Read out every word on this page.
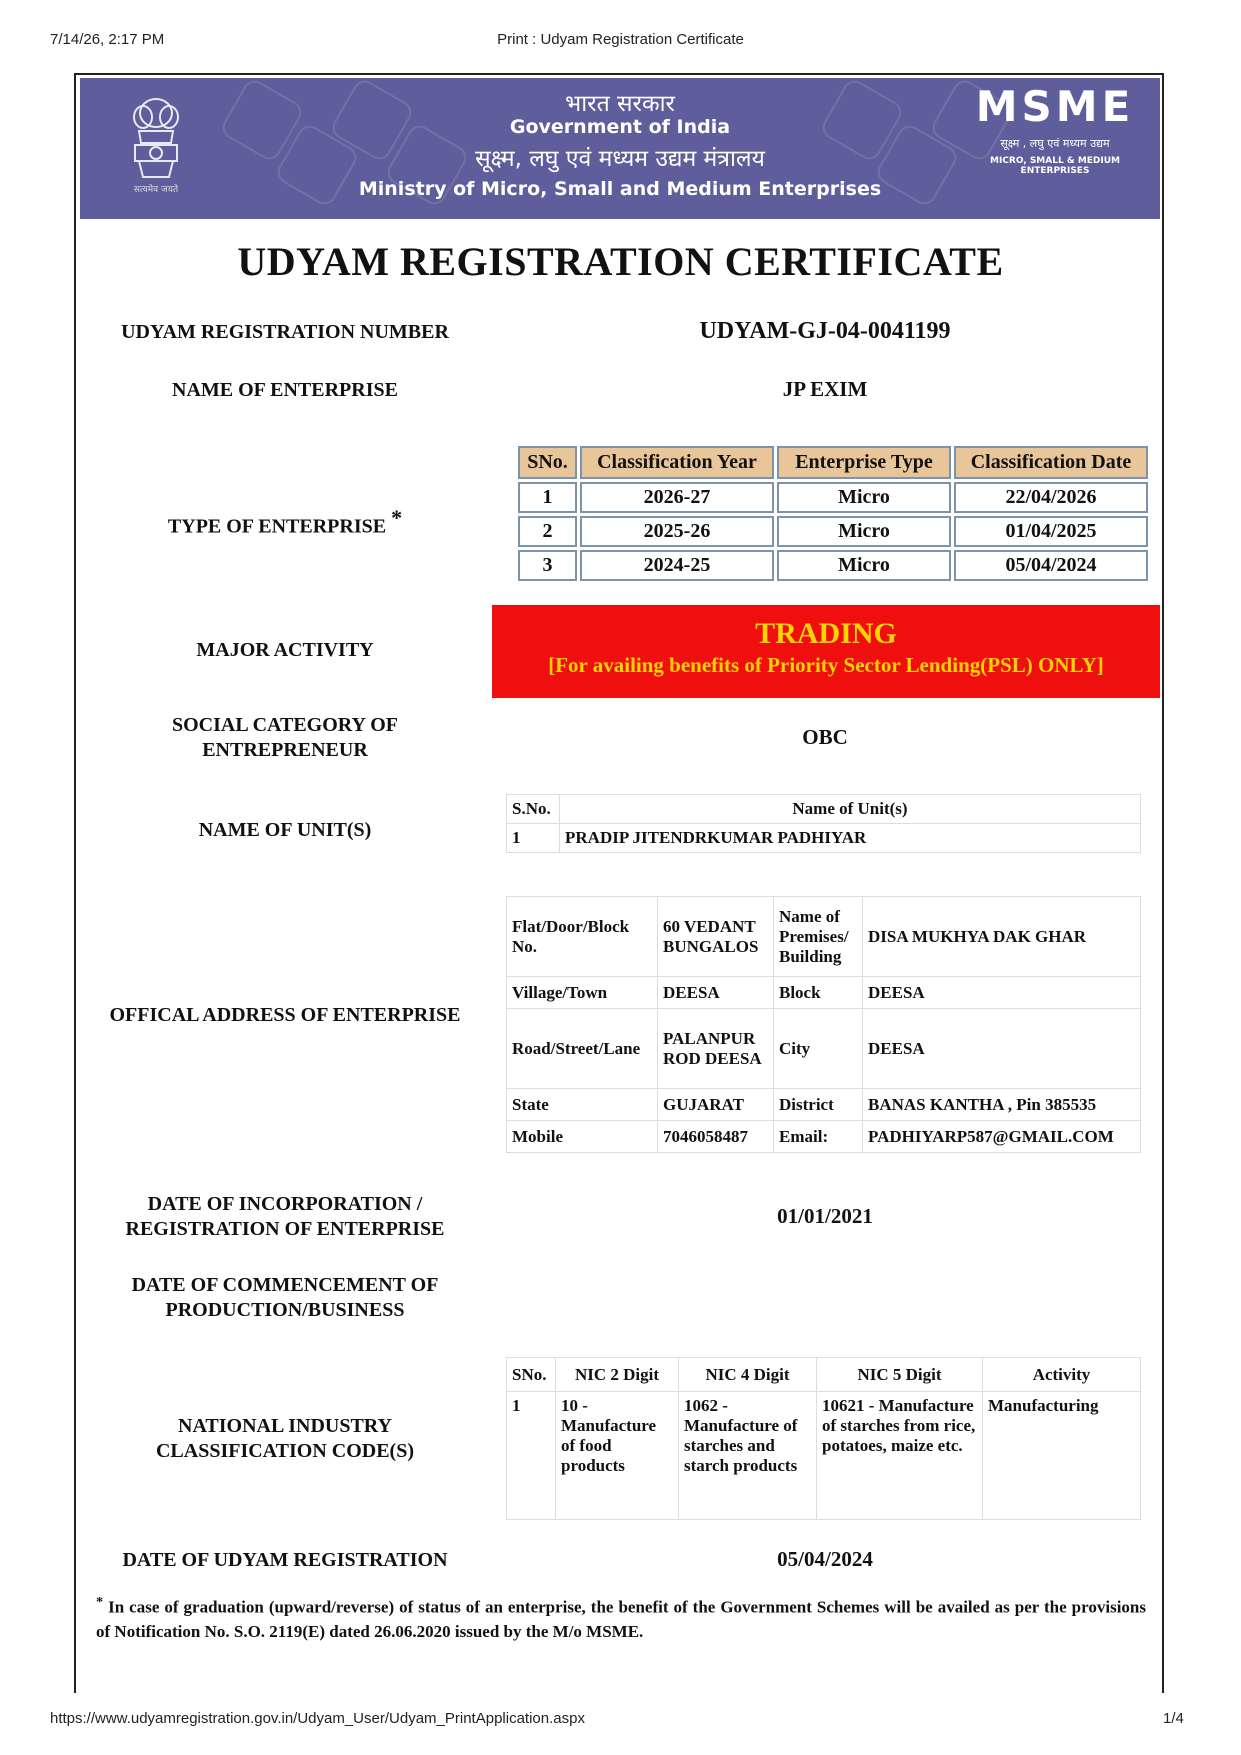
7/14/26, 2:17 PM	Print : Udyam Registration Certificate
सत्यमेव जयते
भारत सरकार
Government of India
सूक्ष्म, लघु एवं मध्यम उद्यम मंत्रालय
Ministry of Micro, Small and Medium Enterprises
MSME
सूक्ष्म , लघु एवं मध्यम उद्यम
MICRO, SMALL & MEDIUM ENTERPRISES
UDYAM REGISTRATION CERTIFICATE
UDYAM REGISTRATION NUMBER	UDYAM-GJ-04-0041199
NAME OF ENTERPRISE	JP EXIM
TYPE OF ENTERPRISE *
SNo.	Classification Year	Enterprise Type	Classification Date
1	2026-27	Micro	22/04/2026
2	2025-26	Micro	01/04/2025
3	2024-25	Micro	05/04/2024
MAJOR ACTIVITY	TRADING
[For availing benefits of Priority Sector Lending(PSL) ONLY]
SOCIAL CATEGORY OF ENTREPRENEUR
OBC
NAME OF UNIT(S)
S.No.	Name of Unit(s)
1	PRADIP JITENDRKUMAR PADHIYAR
OFFICAL ADDRESS OF ENTERPRISE
Flat/Door/Block No.	60 VEDANT BUNGALOS	Name of Premises/ Building	DISA MUKHYA DAK GHAR
Village/Town	DEESA	Block	DEESA
Road/Street/Lane	PALANPUR ROD DEESA	City	DEESA
State	GUJARAT	District	BANAS KANTHA , Pin 385535
Mobile	7046058487	Email:	PADHIYARP587@GMAIL.COM
DATE OF INCORPORATION / REGISTRATION OF ENTERPRISE
01/01/2021
DATE OF COMMENCEMENT OF PRODUCTION/BUSINESS
NATIONAL INDUSTRY CLASSIFICATION CODE(S)
SNo.	NIC 2 Digit	NIC 4 Digit	NIC 5 Digit	Activity
1	10 - Manufacture of food products	1062 - Manufacture of starches and starch products	10621 - Manufacture of starches from rice, potatoes, maize etc.	Manufacturing
DATE OF UDYAM REGISTRATION	05/04/2024
* In case of graduation (upward/reverse) of status of an enterprise, the benefit of the Government Schemes will be availed as per the provisions of Notification No. S.O. 2119(E) dated 26.06.2020 issued by the M/o MSME.
https://www.udyamregistration.gov.in/Udyam_User/Udyam_PrintApplication.aspx	1/4
